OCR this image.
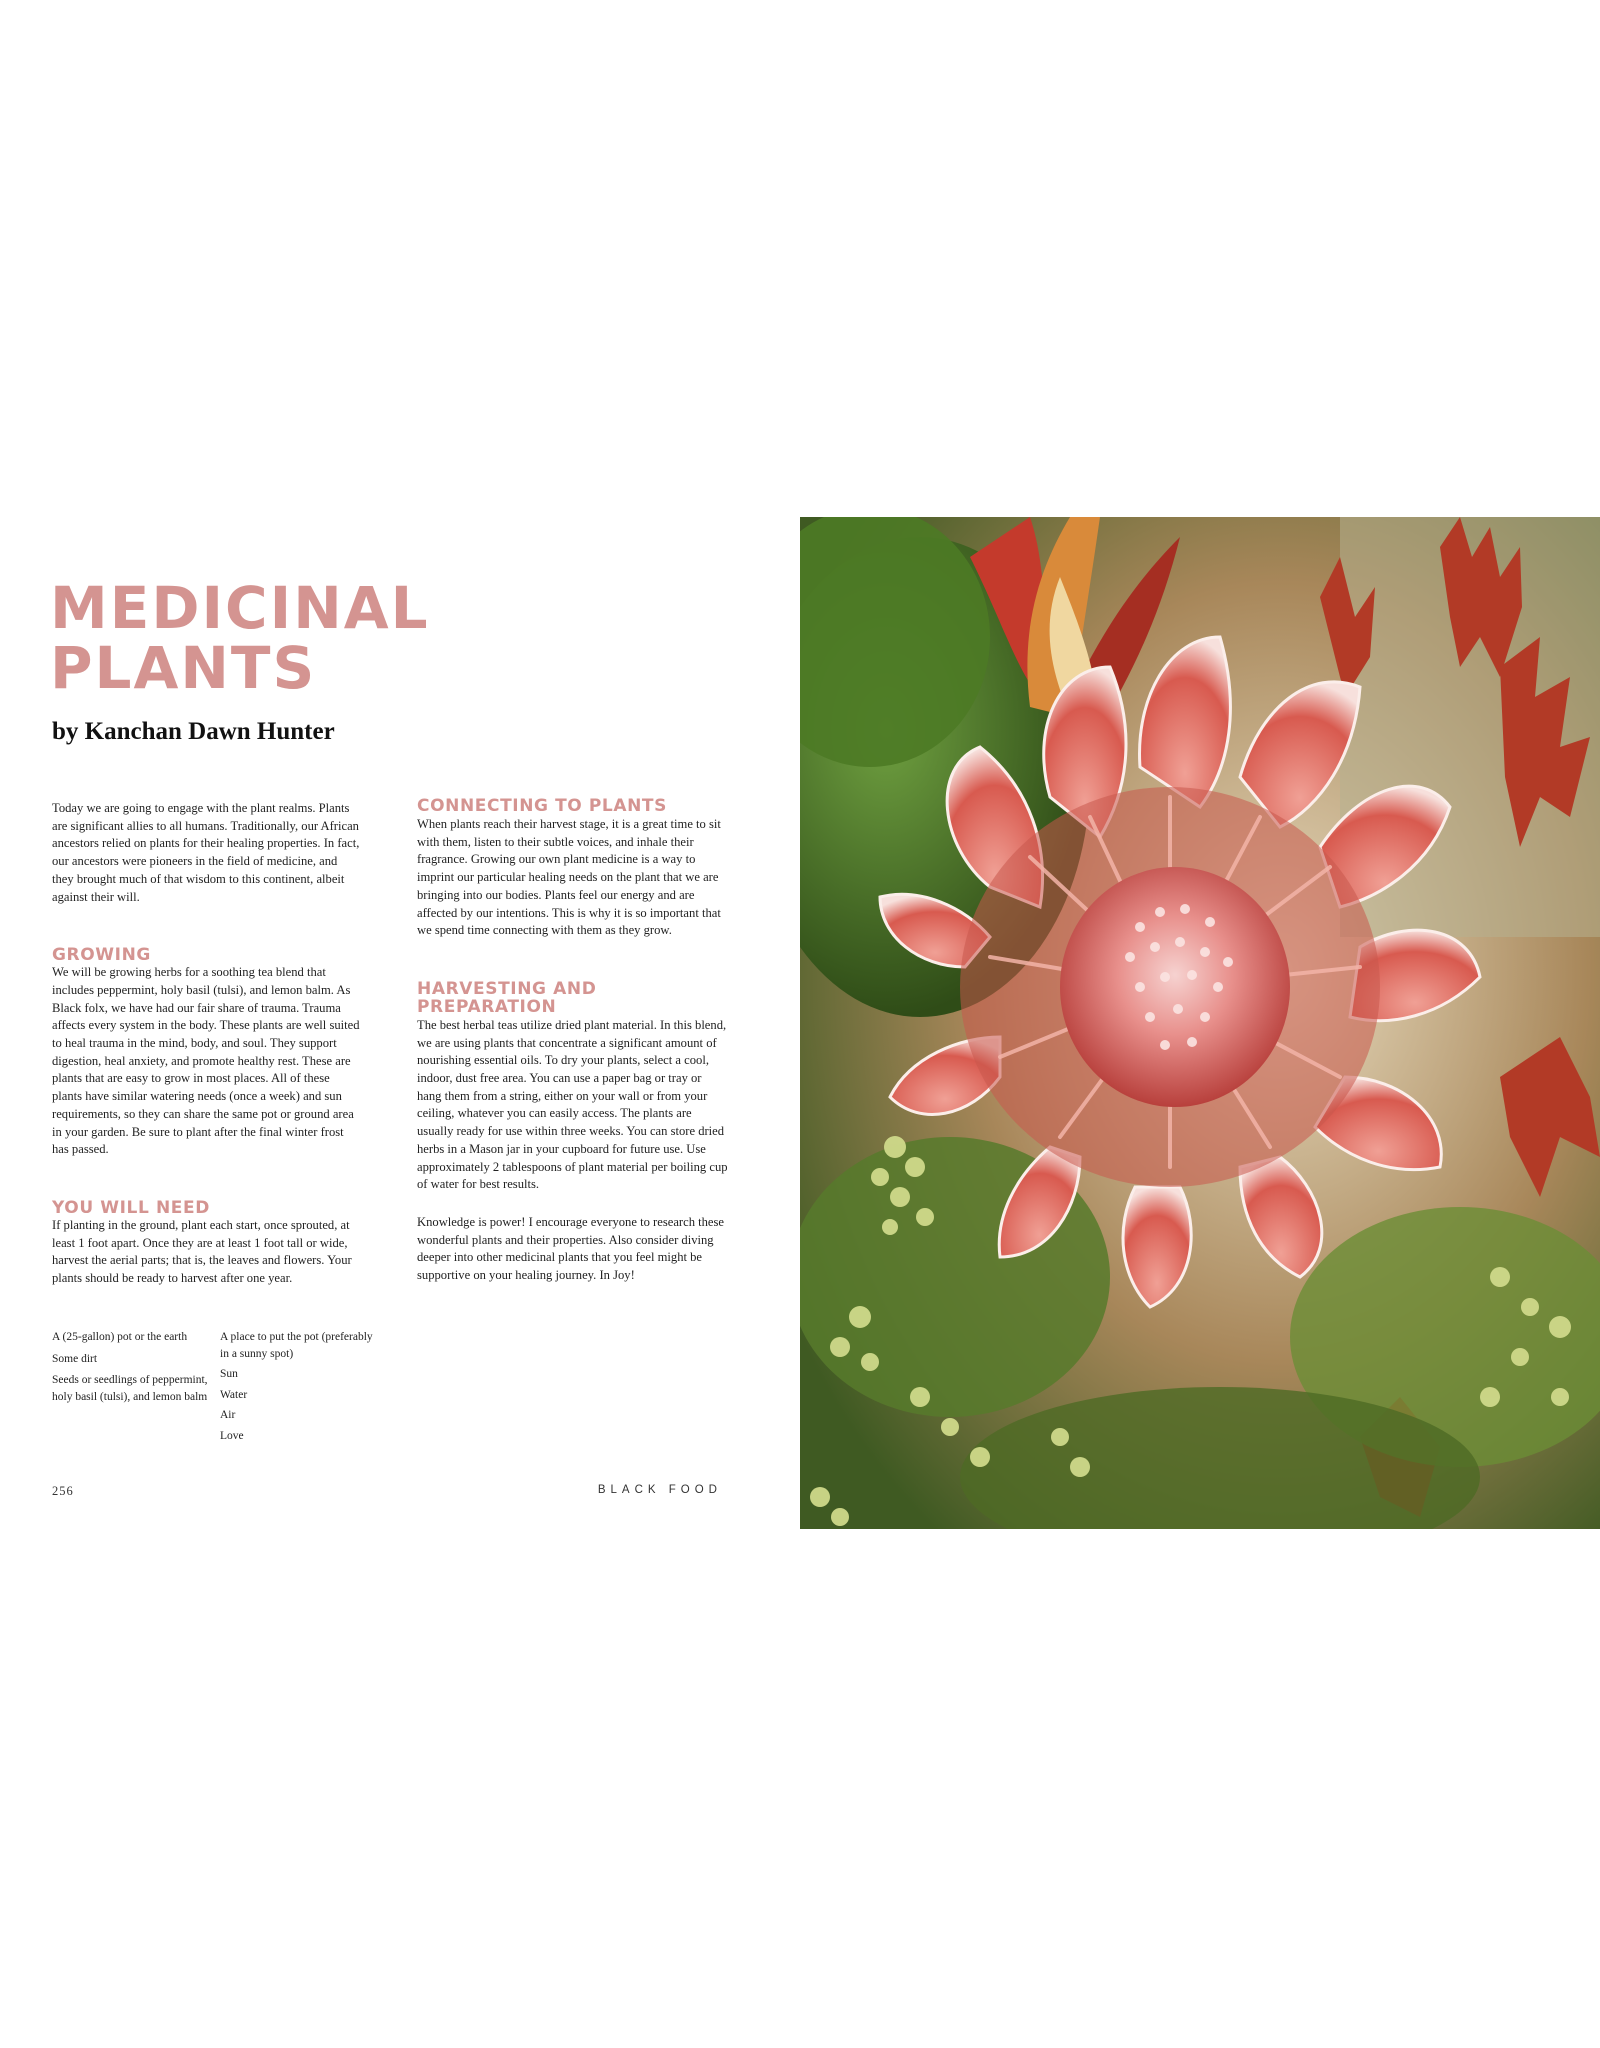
MEDICINAL
PLANTS

by Kanchan Dawn Hunter

Today we are going to engage with the plant realms. Plants are significant allies to all humans. Traditionally, our African ancestors relied on plants for their healing properties. In fact, our ancestors were pioneers in the field of medicine, and they brought much of that wisdom to this continent, albeit against their will.

GROWING

We will be growing herbs for a soothing tea blend that includes peppermint, holy basil (tulsi), and lemon balm. As Black folx, we have had our fair share of trauma. Trauma affects every system in the body. These plants are well suited to heal trauma in the mind, body, and soul. They support digestion, heal anxiety, and promote healthy rest. These are plants that are easy to grow in most places. All of these plants have similar watering needs (once a week) and sun requirements, so they can share the same pot or ground area in your garden. Be sure to plant after the final winter frost has passed.

YOU WILL NEED

If planting in the ground, plant each start, once sprouted, at least 1 foot apart. Once they are at least 1 foot tall or wide, harvest the aerial parts; that is, the leaves and flowers. Your plants should be ready to harvest after one year.

A (25-gallon) pot or the earth
Some dirt
Seeds or seedlings of peppermint, holy basil (tulsi), and lemon balm
A place to put the pot (preferably in a sunny spot)
Sun
Water
Air
Love
CONNECTING TO PLANTS

When plants reach their harvest stage, it is a great time to sit with them, listen to their subtle voices, and inhale their fragrance. Growing our own plant medicine is a way to imprint our particular healing needs on the plant that we are bringing into our bodies. Plants feel our energy and are affected by our intentions. This is why it is so important that we spend time connecting with them as they grow.

HARVESTING AND
PREPARATION

The best herbal teas utilize dried plant material. In this blend, we are using plants that concentrate a significant amount of nourishing essential oils. To dry your plants, select a cool, indoor, dust free area. You can use a paper bag or tray or hang them from a string, either on your wall or from your ceiling, whatever you can easily access. The plants are usually ready for use within three weeks. You can store dried herbs in a Mason jar in your cupboard for future use. Use approximately 2 tablespoons of plant material per boiling cup of water for best results.

Knowledge is power! I encourage everyone to research these wonderful plants and their properties. Also consider diving deeper into other medicinal plants that you feel might be supportive on your healing journey. In Joy!

256	BLACK FOOD
